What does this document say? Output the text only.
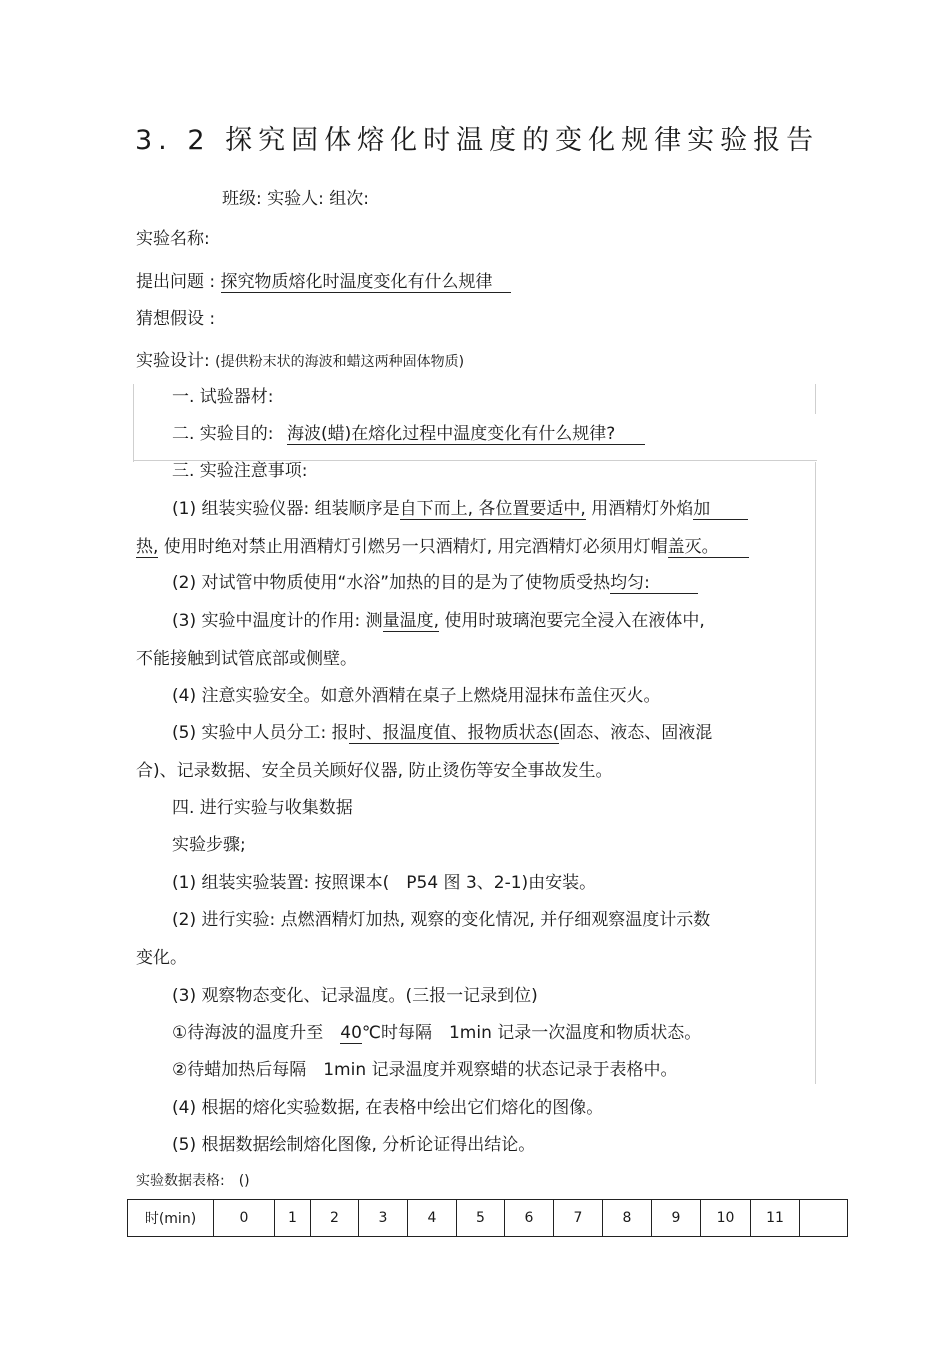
3. 2 探究固体熔化时温度的变化规律实验报告
班级: 实验人: 组次:
实验名称:
提出问题 : 探究物质熔化时温度变化有什么规律
猜想假设 :
实验设计: (提供粉末状的海波和蜡这两种固体物质)
一. 试验器材:
二. 实验目的: 海波(蜡)在熔化过程中温度变化有什么规律?
三. 实验注意事项:
(1) 组装实验仪器: 组装顺序是自下而上, 各位置要适中, 用酒精灯外焰加
热, 使用时绝对禁止用酒精灯引燃另一只酒精灯, 用完酒精灯必须用灯帽盖灭。
(2) 对试管中物质使用“水浴”加热的目的是为了使物质受热均匀:
(3) 实验中温度计的作用: 测量温度, 使用时玻璃泡要完全浸入在液体中,
不能接触到试管底部或侧壁。
(4) 注意实验安全。如意外酒精在桌子上燃烧用湿抹布盖住灭火。
(5) 实验中人员分工: 报时、报温度值、报物质状态(固态、液态、固液混
合)、记录数据、安全员关顾好仪器, 防止烫伤等安全事故发生。
四. 进行实验与收集数据
实验步骤;
(1) 组装实验装置: 按照课本(　P54 图 3、2-1)由安装。
(2) 进行实验: 点燃酒精灯加热, 观察的变化情况, 并仔细观察温度计示数
变化。
(3) 观察物态变化、记录温度。(三报一记录到位)
①待海波的温度升至　40℃时每隔　1min 记录一次温度和物质状态。
②待蜡加热后每隔　1min 记录温度并观察蜡的状态记录于表格中。
(4) 根据的熔化实验数据, 在表格中绘出它们熔化的图像。
(5) 根据数据绘制熔化图像, 分析论证得出结论。
实验数据表格:　()
时(min)	0	1	2	3	4	5	6	7	8	9	10	11	
